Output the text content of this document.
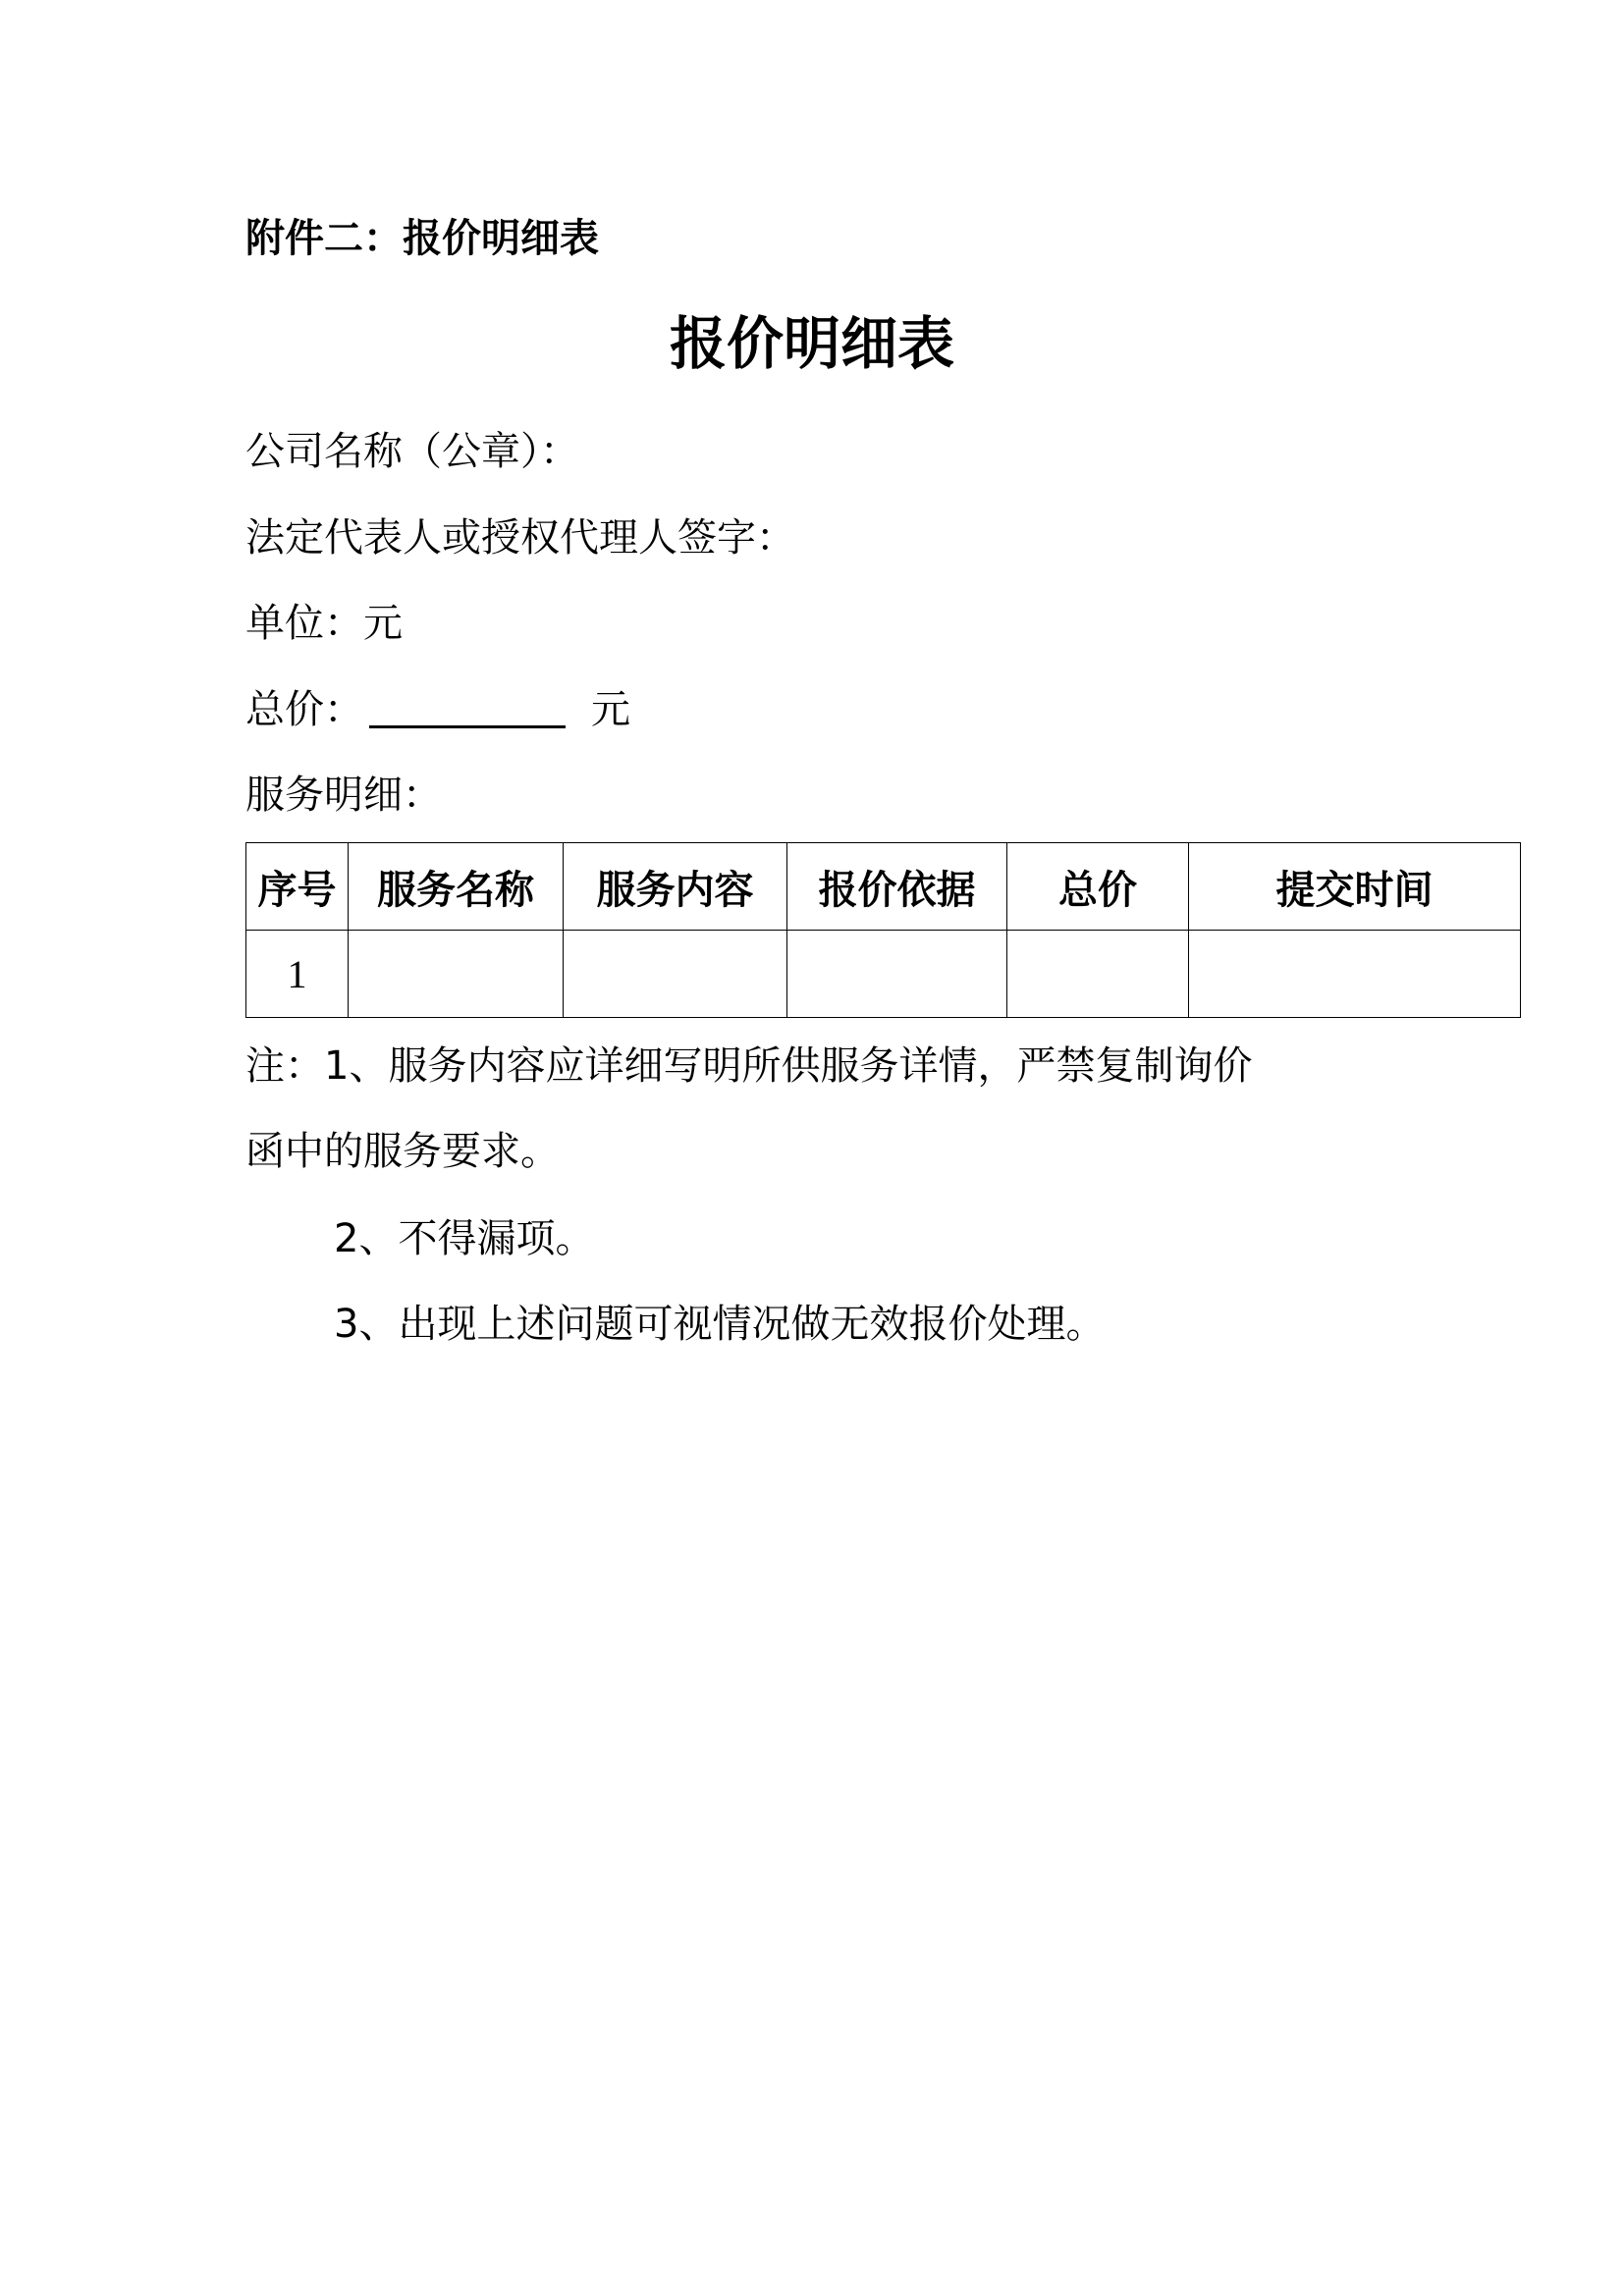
附件二：报价明细表
报价明细表
公司名称（公章）：
法定代表人或授权代理人签字：
单位：元
总价：	元
服务明细：
序号	服务名称	服务内容	报价依据	总价	提交时间
1					
注：1、服务内容应详细写明所供服务详情，严禁复制询价
函中的服务要求。
2、不得漏项。
3、出现上述问题可视情况做无效报价处理。
